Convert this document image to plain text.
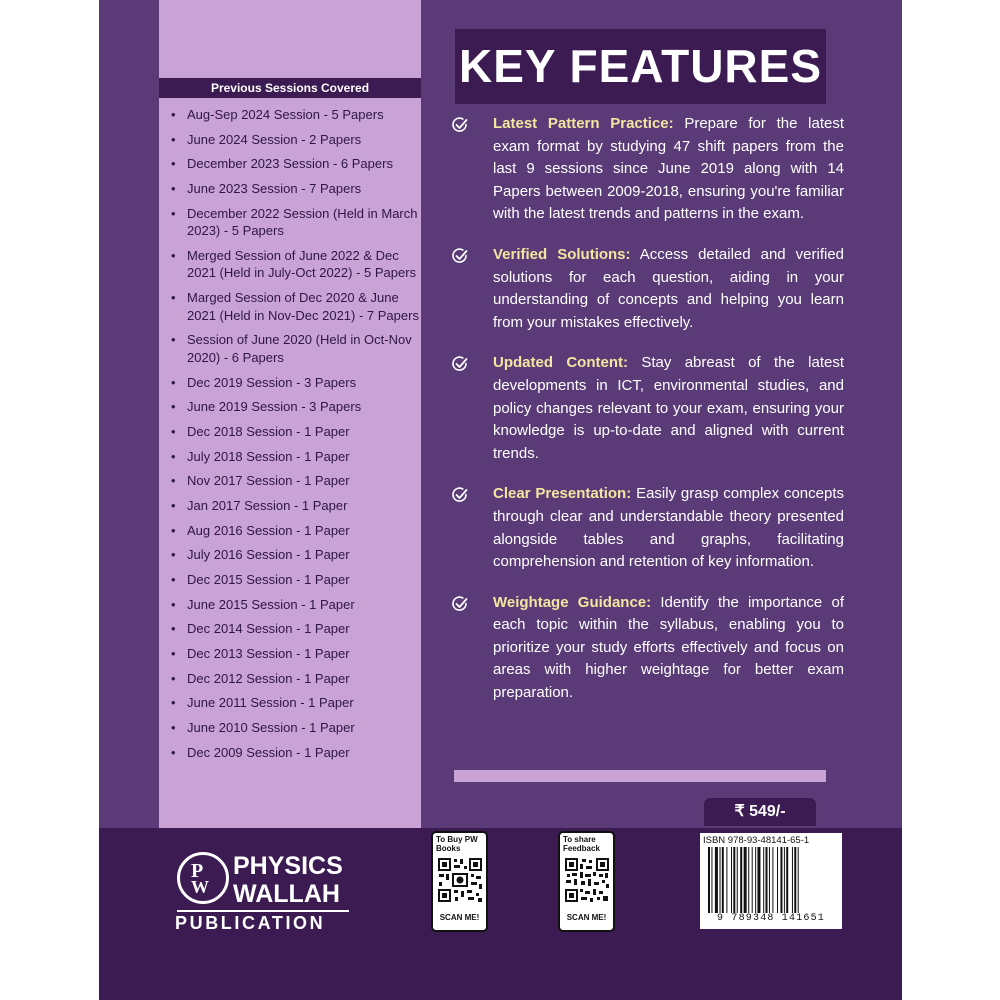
Previous Sessions Covered
• Aug-Sep 2024 Session - 5 Papers
• June 2024 Session - 2 Papers
• December 2023 Session - 6 Papers
• June 2023 Session - 7 Papers
• December 2022 Session (Held in March 2023) - 5 Papers
• Merged Session of June 2022 & Dec 2021 (Held in July-Oct 2022) - 5 Papers
• Marged Session of Dec 2020 & June 2021 (Held in Nov-Dec 2021) - 7 Papers
• Session of June 2020 (Held in Oct-Nov 2020) - 6 Papers
• Dec 2019 Session - 3 Papers
• June 2019 Session - 3 Papers
• Dec 2018 Session - 1 Paper
• July 2018 Session - 1 Paper
• Nov 2017 Session - 1 Paper
• Jan 2017 Session - 1 Paper
• Aug 2016 Session - 1 Paper
• July 2016 Session - 1 Paper
• Dec 2015 Session - 1 Paper
• June 2015 Session - 1 Paper
• Dec 2014 Session - 1 Paper
• Dec 2013 Session - 1 Paper
• Dec 2012 Session - 1 Paper
• June 2011 Session - 1 Paper
• June 2010 Session - 1 Paper
• Dec 2009 Session - 1 Paper
KEY FEATURES
Latest Pattern Practice: Prepare for the latest exam format by studying 47 shift papers from the last 9 sessions since June 2019 along with 14 Papers between 2009-2018, ensuring you're familiar with the latest trends and patterns in the exam.
Verified Solutions: Access detailed and verified solutions for each question, aiding in your understanding of concepts and helping you learn from your mistakes effectively.
Updated Content: Stay abreast of the latest developments in ICT, environmental studies, and policy changes relevant to your exam, ensuring your knowledge is up-to-date and aligned with current trends.
Clear Presentation: Easily grasp complex concepts through clear and understandable theory presented alongside tables and graphs, facilitating comprehension and retention of key information.
Weightage Guidance: Identify the importance of each topic within the syllabus, enabling you to prioritize your study efforts effectively and focus on areas with higher weightage for better exam preparation.
₹ 549/-
P
W
PHYSICS
WALLAH
PUBLICATION
To Buy PW Books
SCAN ME!
To share Feedback
SCAN ME!
ISBN 978-93-48141-65-1
9 789348 141651
